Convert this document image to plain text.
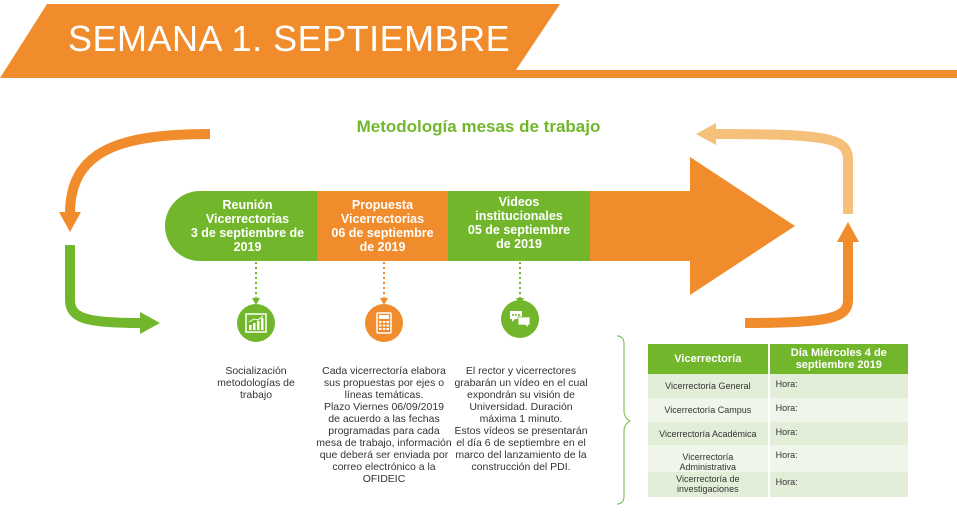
SEMANA 1. SEPTIEMBRE
Metodología mesas de trabajo
Reunión
Vicerrectorias
3 de septiembre de
2019
Propuesta
Vicerrectorias
06 de septiembre
de 2019
Videos
institucionales
05 de septiembre
de 2019
Socialización
metodologías de
trabajo
Cada vicerrectoría elabora
sus propuestas por ejes o
líneas temáticas.
Plazo Viernes 06/09/2019
de acuerdo a las fechas
programadas para cada
mesa de trabajo, información
que deberá ser enviada por
correo electrónico a la
OFIDEIC
El rector y vicerrectores
grabarán un vídeo en el cual
expondrán su visión de
Universidad. Duración
máxima 1 minuto.
Estos vídeos se presentarán
el día 6 de septiembre en el
marco del lanzamiento de la
construcción del PDI.
Vicerrectoría	Día Miércoles 4 de septiembre 2019
Vicerrectoría General	Hora:
Vicerrectoría Campus	Hora:
Vicerrectoría Académica	Hora:
Vicerrectoría Administrativa	Hora:
Vicerrectoría de investigaciones	Hora:
